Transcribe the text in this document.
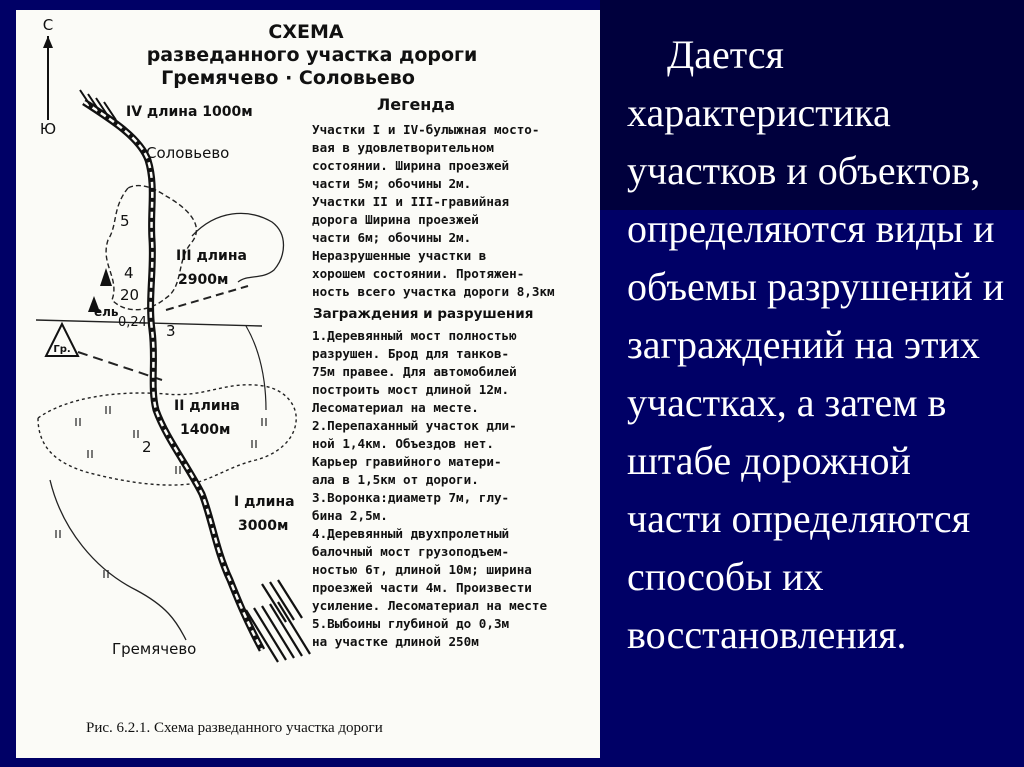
СХЕМА
разведанного участка дороги
Гремячево · Соловьево
С
Ю
Легенда
Участки I и IV-булыжная мосто-
вая в удовлетворительном
состоянии. Ширина проезжей
части 5м; обочины 2м.
Участки II и III-гравийная
дорога Ширина проезжей
части 6м; обочины 2м.
Неразрушенные участки в
хорошем состоянии. Протяжен-
ность всего участка дороги 8,3км
Заграждения и разрушения
1.Деревянный мост полностью
разрушен. Брод для танков-
75м правее. Для автомобилей
построить мост длиной 12м.
Лесоматериал на месте.
2.Перепаханный участок дли-
ной 1,4км. Объездов нет.
Карьер гравийного матери-
ала в 1,5км от дороги.
3.Воронка:диаметр 7м, глу-
бина 2,5м.
4.Деревянный двухпролетный
балочный мост грузоподъем-
ностью 6т, длиной 10м; ширина
проезжей части 4м. Произвести
усиление. Лесоматериал на месте
5.Выбоины глубиной до 0,3м
на участке длиной 250м
Гр.
Соловьево
Гремячево
IV длина 1000м
III длина
2900м
II длина
1400м
I длина
3000м
5
4
20
ель
0,24 3
2
Рис. 6.2.1. Схема разведанного участка дороги

Дается характеристика участков и объектов, определяются виды и объемы разрушений и заграждений на этих участках, а затем в штабе дорожной части определяются способы их восстановления.
